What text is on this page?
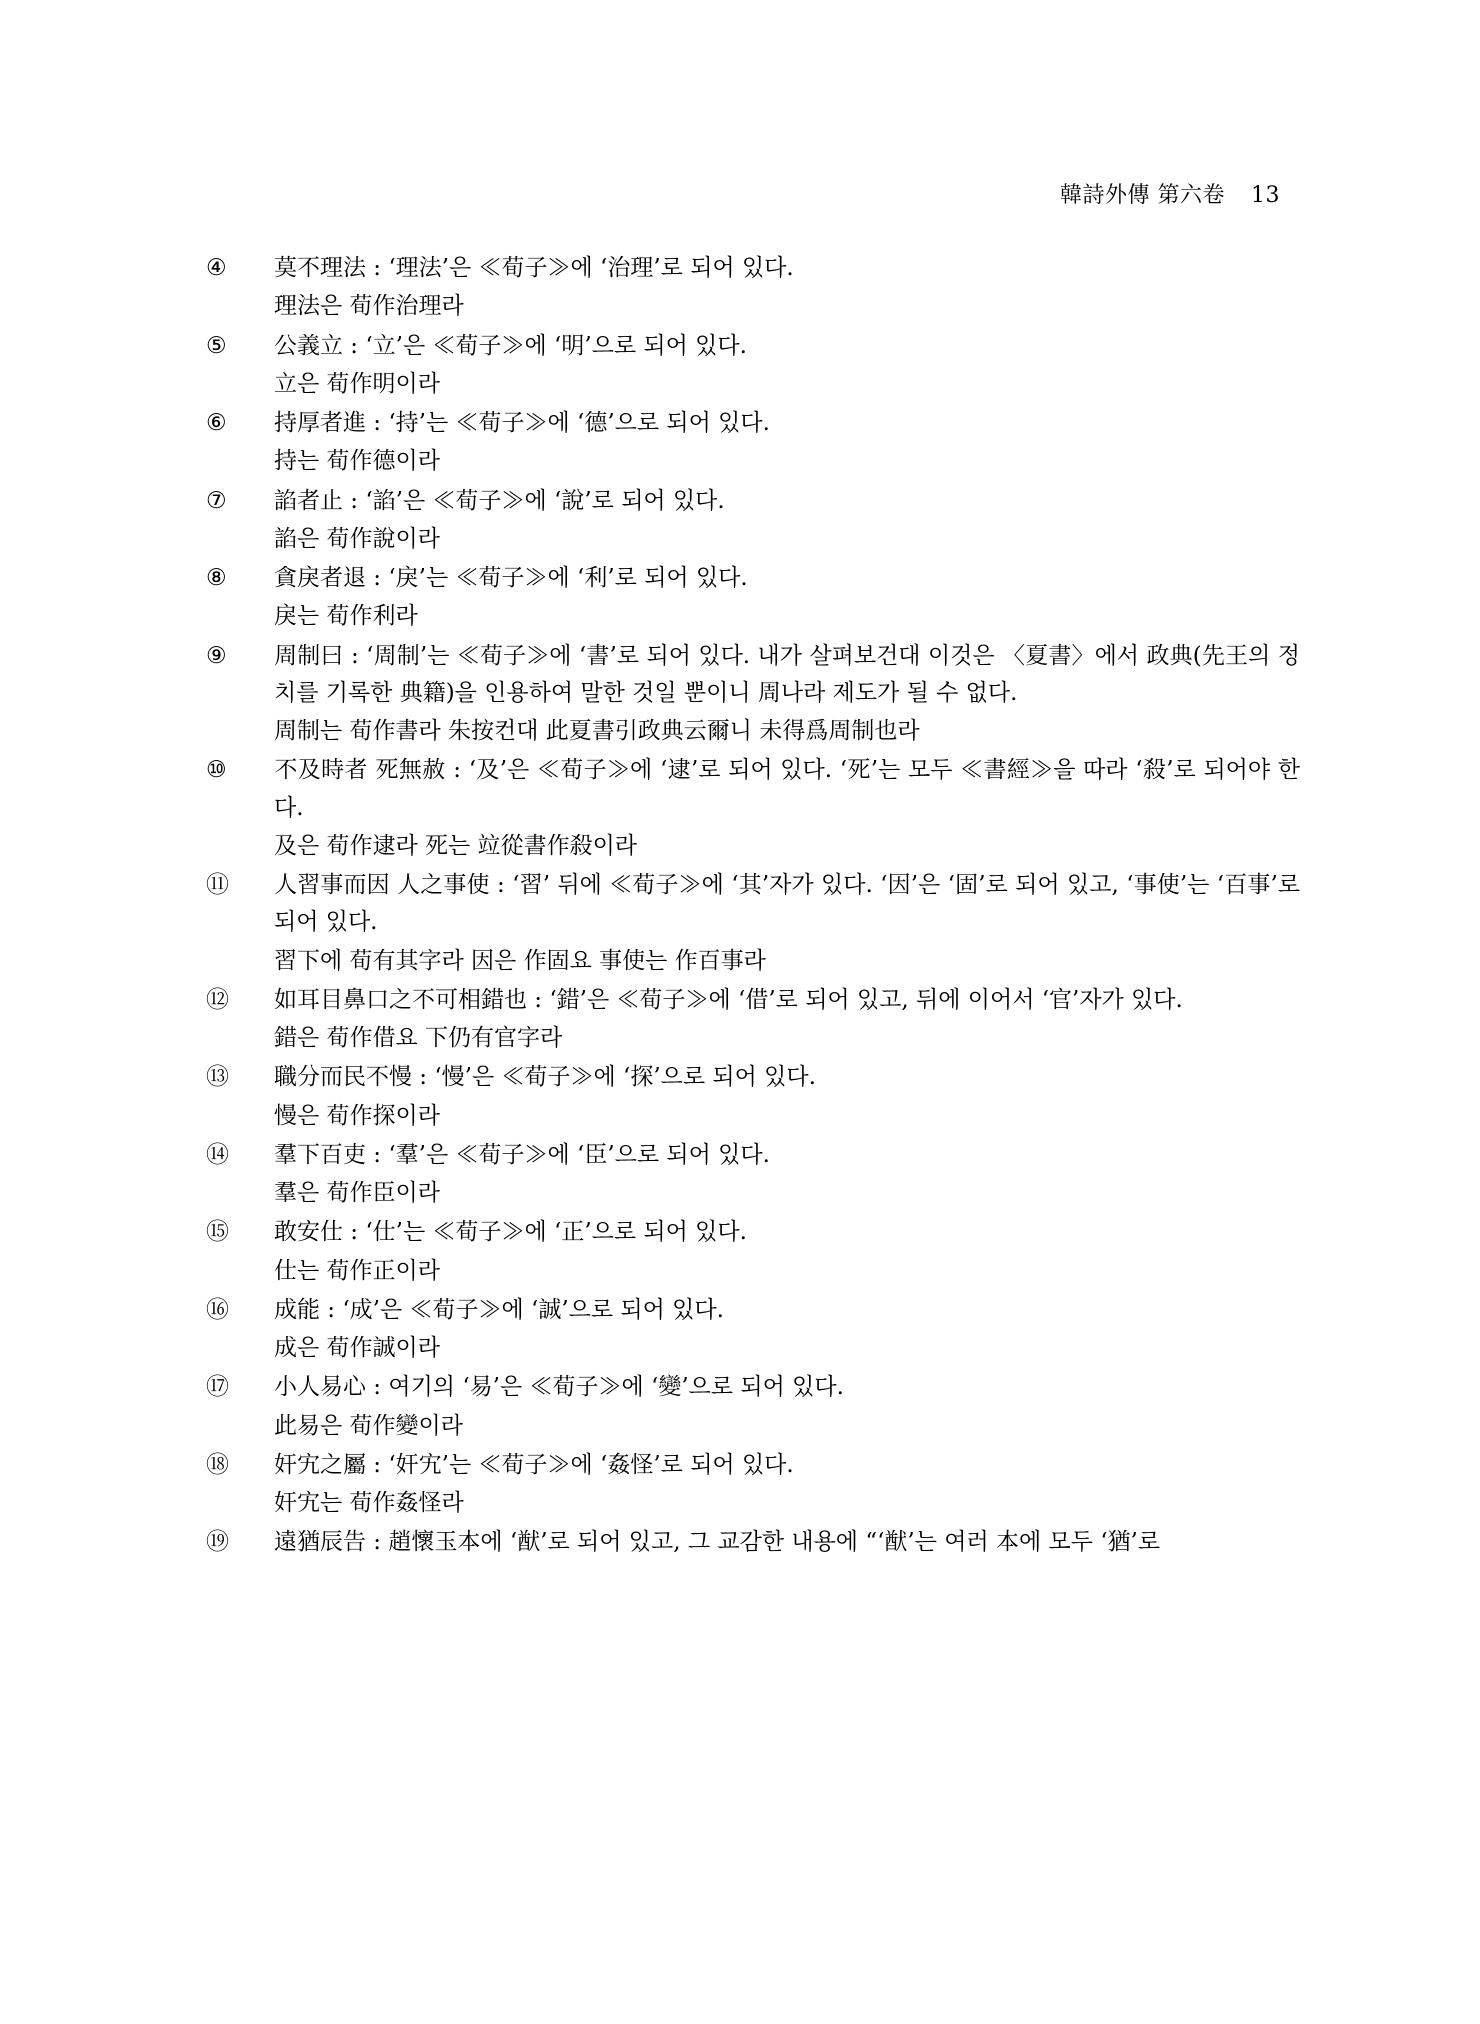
韓詩外傳 第六卷 13
④ 莫不理法 : ‘理法’은 ≪荀子≫에 ‘治理’로 되어 있다.
理法은 荀作治理라
⑤ 公義立 : ‘立’은 ≪荀子≫에 ‘明’으로 되어 있다.
立은 荀作明이라
⑥ 持厚者進 : ‘持’는 ≪荀子≫에 ‘德’으로 되어 있다.
持는 荀作德이라
⑦ 諂者止 : ‘諂’은 ≪荀子≫에 ‘說’로 되어 있다.
諂은 荀作說이라
⑧ 貪戾者退 : ‘戾’는 ≪荀子≫에 ‘利’로 되어 있다.
戾는 荀作利라
⑨ 周制曰 : ‘周制’는 ≪荀子≫에 ‘書’로 되어 있다. 내가 살펴보건대 이것은 〈夏書〉에서 政典(先王의 정치를 기록한 典籍)을 인용하여 말한 것일 뿐이니 周나라 제도가 될 수 없다.
周制는 荀作書라 朱按컨대 此夏書引政典云爾니 未得爲周制也라
⑩ 不及時者 死無赦 : ‘及’은 ≪荀子≫에 ‘逮’로 되어 있다. ‘死’는 모두 ≪書經≫을 따라 ‘殺’로 되어야 한다.
及은 荀作逮라 死는 竝從書作殺이라
⑪ 人習事而因 人之事使 : ‘習’ 뒤에 ≪荀子≫에 ‘其’자가 있다. ‘因’은 ‘固’로 되어 있고, ‘事使’는 ‘百事’로 되어 있다.
習下에 荀有其字라 因은 作固요 事使는 作百事라
⑫ 如耳目鼻口之不可相錯也 : ‘錯’은 ≪荀子≫에 ‘借’로 되어 있고, 뒤에 이어서 ‘官’자가 있다.
錯은 荀作借요 下仍有官字라
⑬ 職分而民不慢 : ‘慢’은 ≪荀子≫에 ‘探’으로 되어 있다.
慢은 荀作探이라
⑭ 羣下百吏 : ‘羣’은 ≪荀子≫에 ‘臣’으로 되어 있다.
羣은 荀作臣이라
⑮ 敢安仕 : ‘仕’는 ≪荀子≫에 ‘正’으로 되어 있다.
仕는 荀作正이라
⑯ 成能 : ‘成’은 ≪荀子≫에 ‘誠’으로 되어 있다.
成은 荀作誠이라
⑰ 小人易心 : 여기의 ‘易’은 ≪荀子≫에 ‘變’으로 되어 있다.
此易은 荀作變이라
⑱ 奸宄之屬 : ‘奸宄’는 ≪荀子≫에 ‘姦怪’로 되어 있다.
奸宄는 荀作姦怪라
⑲ 遠猶辰告 : 趙懷玉本에 ‘猷’로 되어 있고, 그 교감한 내용에 “‘猷’는 여러 本에 모두 ‘猶’로
